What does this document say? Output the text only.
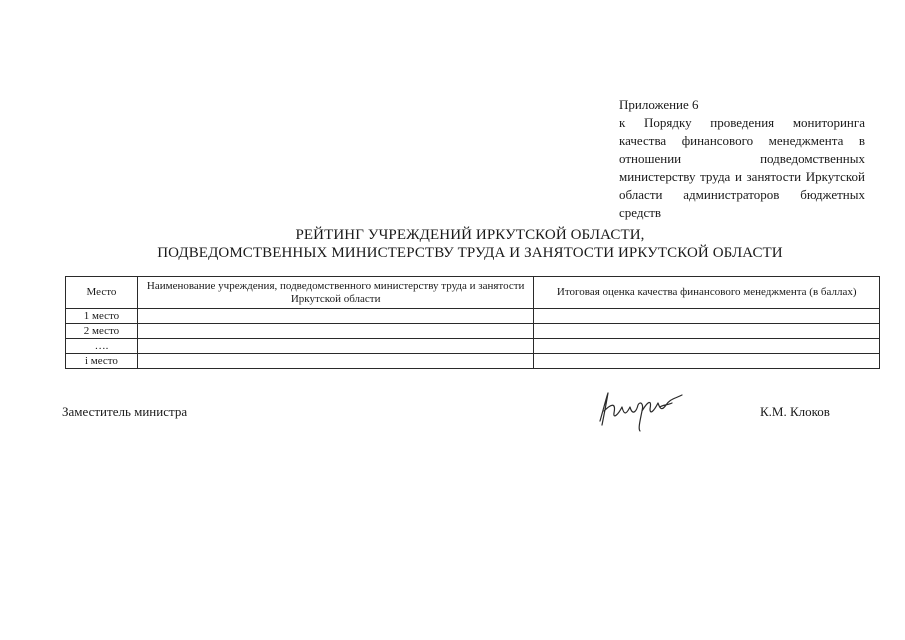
Приложение 6
к Порядку проведения мониторинга качества финансового менеджмента в отношении подведомственных министерству труда и занятости Иркутской области администраторов бюджетных средств
РЕЙТИНГ УЧРЕЖДЕНИЙ ИРКУТСКОЙ ОБЛАСТИ,
ПОДВЕДОМСТВЕННЫХ МИНИСТЕРСТВУ ТРУДА И ЗАНЯТОСТИ ИРКУТСКОЙ ОБЛАСТИ
Место	Наименование учреждения, подведомственного министерству труда и занятости Иркутской области	Итоговая оценка качества финансового менеджмента (в баллах)
1 место		
2 место		
….		
i место		
Заместитель министра	К.М. Клоков
